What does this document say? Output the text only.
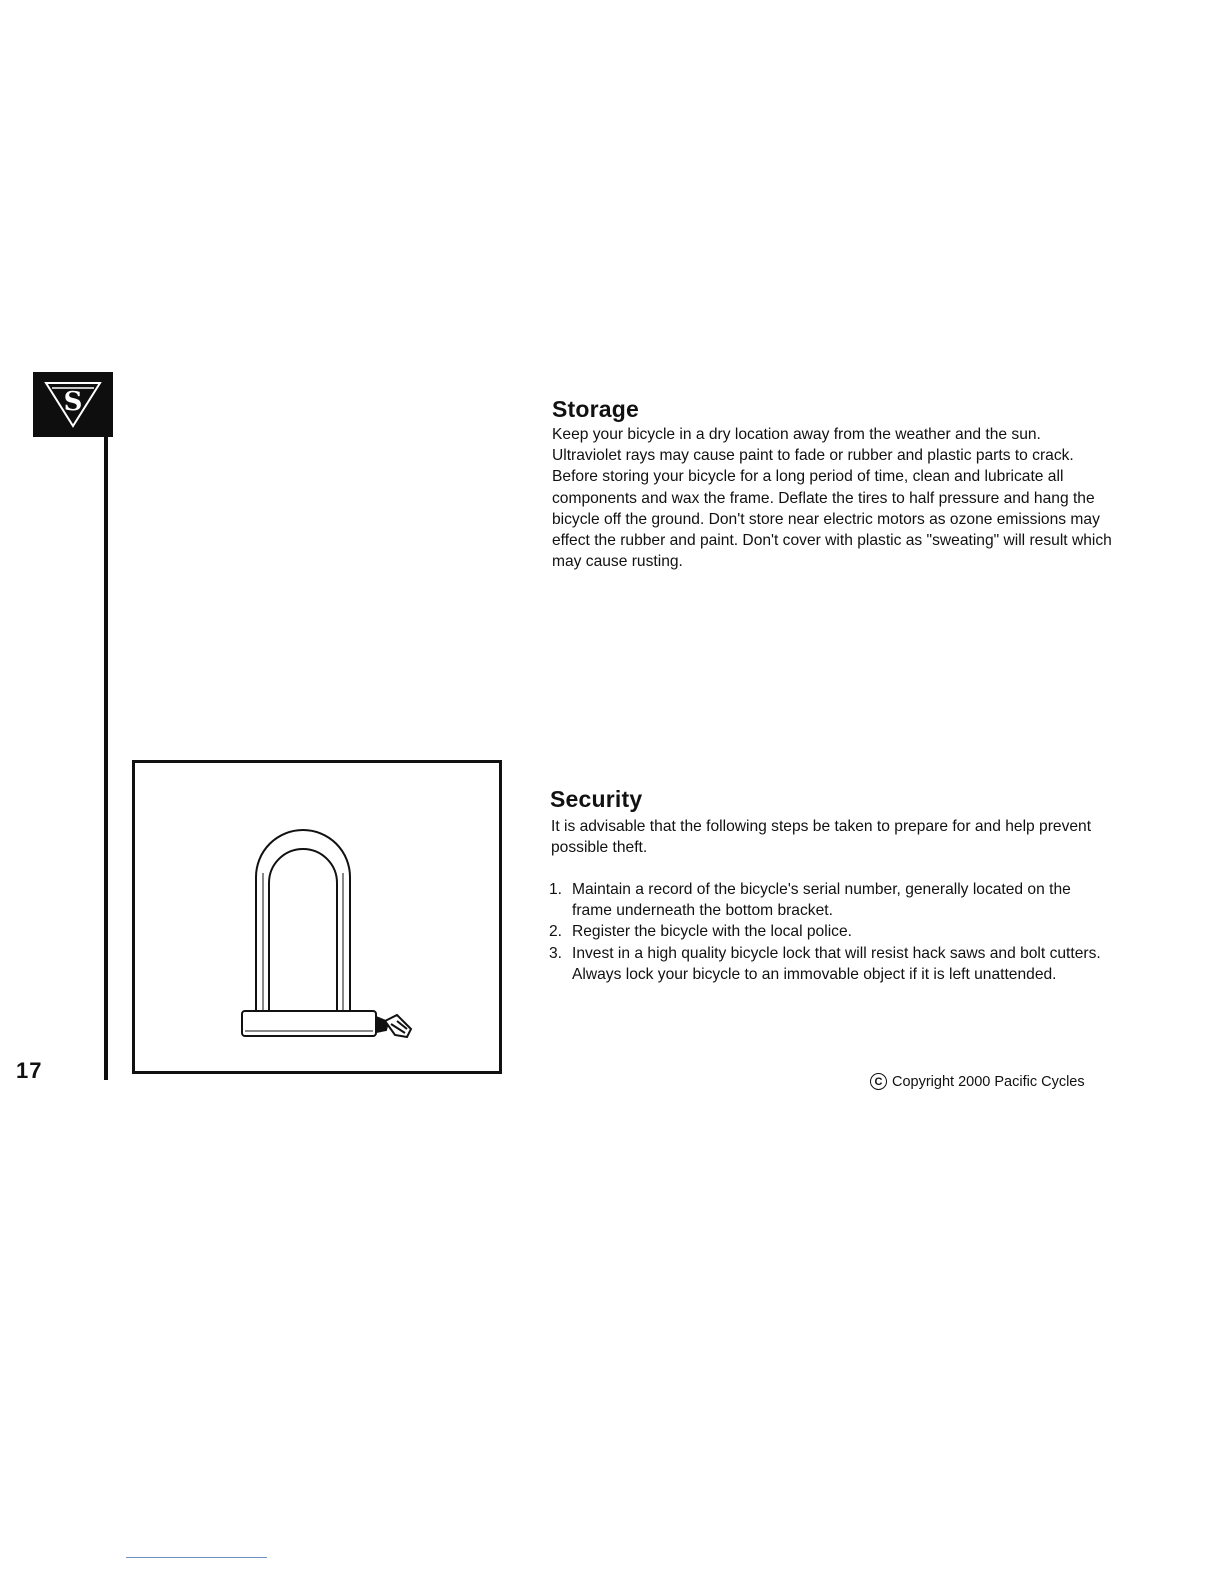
S
17
Storage

Keep your bicycle in a dry location away from the weather and the sun. Ultraviolet rays may cause paint to fade or rubber and plastic parts to crack.

Before storing your bicycle for a long period of time, clean and lubricate all components and wax the frame. Deflate the tires to half pressure and hang the bicycle off the ground. Don't store near electric motors as ozone emissions may effect the rubber and paint. Don't cover with plastic as "sweating" will result which may cause rusting.

Security

It is advisable that the following steps be taken to prepare for and help prevent possible theft.

1. Maintain a record of the bicycle's serial number, generally located on the frame underneath the bottom bracket.
2. Register the bicycle with the local police.
3. Invest in a high quality bicycle lock that will resist hack saws and bolt cutters. Always lock your bicycle to an immovable object if it is left unattended.
C Copyright 2000 Pacific Cycles
